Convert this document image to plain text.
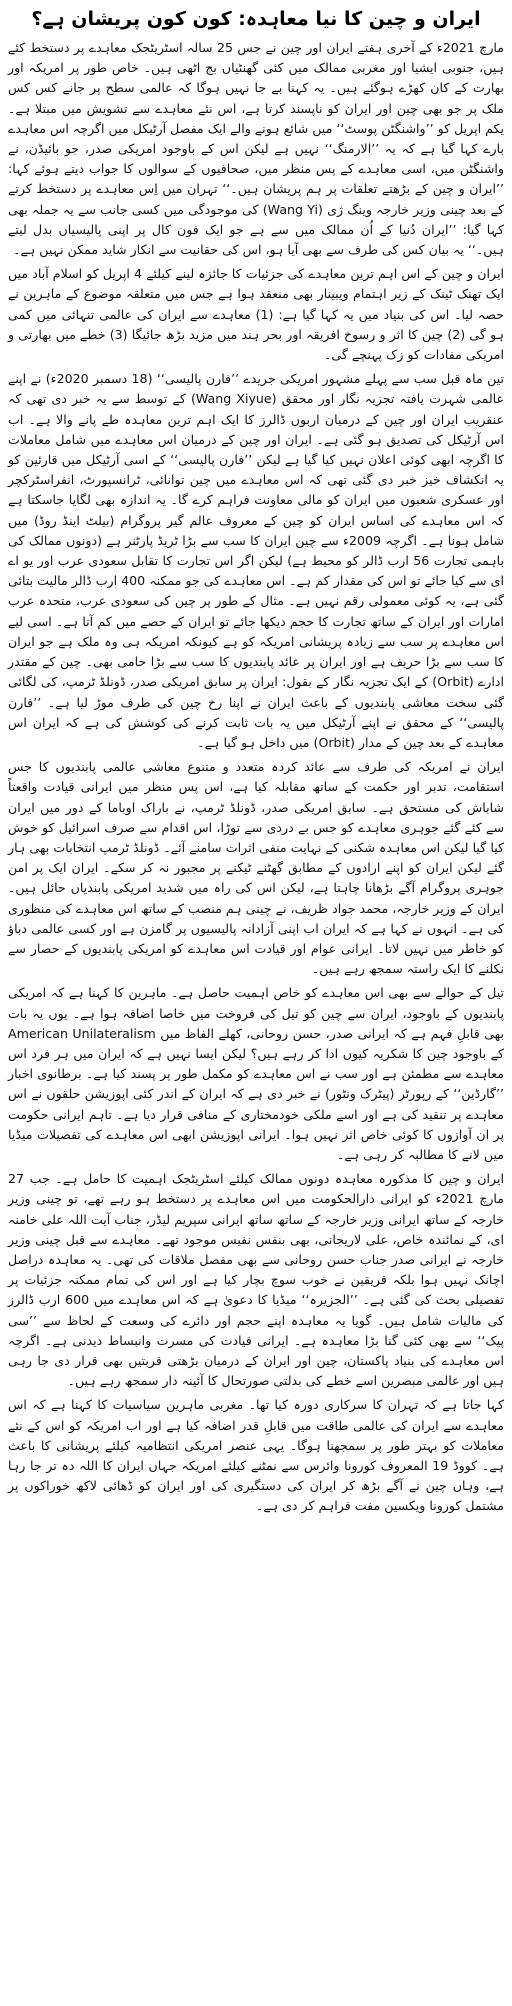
ایران و چین کا نیا معاہدہ: کون کون پریشان ہے؟

مارچ 2021ء کے آخری ہفتے ایران اور چین نے جس 25 سالہ اسٹریٹجک معاہدے پر دستخط کئے ہیں، جنوبی ایشیا اور مغربی ممالک میں کئی گھنٹیاں بج اٹھی ہیں۔ خاص طور پر امریکہ اور بھارت کے کان کھڑے ہوگئے ہیں۔ یہ کہنا بے جا نہیں ہوگا کہ عالمی سطح پر جانے کس کس ملک پر جو بھی چین اور ایران کو ناپسند کرتا ہے، اس نئے معاہدے سے تشویش میں مبتلا ہے۔ یکم اپریل کو ’’واشنگٹن پوسٹ‘‘ میں شائع ہونے والے ایک مفصل آرٹیکل میں اگرچہ اس معاہدے بارے کہا گیا ہے کہ یہ ’’الارمنگ‘‘ نہیں ہے لیکن اس کے باوجود امریکی صدر، جو بائیڈن، نے واشنگٹن میں، اسی معاہدے کے پس منظر میں، صحافیوں کے سوالوں کا جواب دیتے ہوئے کہا: ’’ایران و چین کے بڑھتے تعلقات پر ہم پریشان ہیں۔‘‘ تہران میں اِس معاہدے پر دستخط کرتے کے بعد چینی وزیر خارجہ وینگ ژی (Wang Yi) کی موجودگی میں کسی جانب سے یہ جملہ بھی کہا گیا: ’’ایران دُنیا کے اُن ممالک میں سے ہے جو ایک فون کال پر اپنی پالیسیاں بدل لیتے ہیں۔‘‘ یہ بیان کس کی طرف سے بھی آیا ہو، اس کی حقانیت سے انکار شاید ممکن نہیں ہے۔

ایران و چین کے اس اہم ترین معاہدے کی جزئیات کا جائزہ لینے کیلئے 4 اپریل کو اسلام آباد میں ایک تھنک ٹینک کے زیر اہتمام ویبینار بھی منعقد ہوا ہے جس میں متعلقہ موضوع کے ماہرین نے حصہ لیا۔ اس کی بنیاد میں یہ کہا گیا ہے: (1) معاہدے سے ایران کی عالمی تنہائی میں کمی ہو گی (2) چین کا اثر و رسوخ افریقہ اور بحر ہند میں مزید بڑھ جائیگا (3) خطے میں بھارتی و امریکی مفادات کو زک پہنچے گی۔

تین ماہ قبل سب سے پہلے مشہور امریکی جریدے ’’فارن پالیسی‘‘ (18 دسمبر 2020ء) نے اپنے عالمی شہرت یافتہ تجزیہ نگار اور محقق (Wang Xiyue) کے توسط سے یہ خبر دی تھی کہ عنقریب ایران اور چین کے درمیان اربوں ڈالرز کا ایک اہم ترین معاہدہ طے پانے والا ہے۔ اب اس آرٹیکل کی تصدیق ہو گئی ہے۔ ایران اور چین کے درمیان اس معاہدے میں شامل معاملات کا اگرچہ ابھی کوئی اعلان نہیں کیا گیا ہے لیکن ’’فارن پالیسی‘‘ کے اسی آرٹیکل میں قارئین کو یہ انکشاف خیز خبر دی گئی تھی کہ اس معاہدے میں چین توانائی، ٹرانسپورٹ، انفراسٹرکچر اور عسکری شعبوں میں ایران کو مالی معاونت فراہم کرے گا۔ یہ اندازہ بھی لگایا جاسکتا ہے کہ اس معاہدے کی اساس ایران کو چین کے معروف عالم گیر پروگرام (بیلٹ اینڈ روڈ) میں شامل ہونا ہے۔ اگرچہ 2009ء سے چین ایران کا سب سے بڑا ٹریڈ پارٹنر ہے (دونوں ممالک کی باہمی تجارت 56 ارب ڈالر کو محیط ہے) لیکن اگر اس تجارت کا تقابل سعودی عرب اور یو اے ای سے کیا جائے تو اس کی مقدار کم ہے۔ اس معاہدے کی جو ممکنہ 400 ارب ڈالر مالیت بتائی گئی ہے، یہ کوئی معمولی رقم نہیں ہے۔ مثال کے طور پر چین کی سعودی عرب، متحدہ عرب امارات اور ایران کے ساتھ تجارت کا حجم دیکھا جائے تو ایران کے حصے میں کم آتا ہے۔ اسی لیے اس معاہدے پر سب سے زیادہ پریشانی امریکہ کو ہے کیونکہ امریکہ ہی وہ ملک ہے جو ایران کا سب سے بڑا حریف ہے اور ایران پر عائد پابندیوں کا سب سے بڑا حامی بھی۔ چین کے مقتدر ادارے (Orbit) کے ایک تجزیہ نگار کے بقول: ایران پر سابق امریکی صدر، ڈونلڈ ٹرمپ، کی لگائی گئی سخت معاشی پابندیوں کے باعث ایران نے اپنا رخ چین کی طرف موڑ لیا ہے۔ ’’فارن پالیسی‘‘ کے محقق نے اپنے آرٹیکل میں یہ بات ثابت کرنے کی کوشش کی ہے کہ ایران اس معاہدے کے بعد چین کے مدار (Orbit) میں داخل ہو گیا ہے۔

ایران نے امریکہ کی طرف سے عائد کردہ متعدد و متنوع معاشی عالمی پابندیوں کا جس استقامت، تدبر اور حکمت کے ساتھ مقابلہ کیا ہے، اس پس منظر میں ایرانی قیادت واقعتاً شاباش کی مستحق ہے۔ سابق امریکی صدر، ڈونلڈ ٹرمپ، نے باراک اوباما کے دور میں ایران سے کئے گئے جوہری معاہدے کو جس بے دردی سے توڑا، اس اقدام سے صرف اسرائیل کو خوش کیا گیا لیکن اس معاہدہ شکنی کے نہایت منفی اثرات سامنے آئے۔ ڈونلڈ ٹرمپ انتخابات بھی ہار گئے لیکن ایران کو اپنے ارادوں کے مطابق گھٹنے ٹیکنے پر مجبور نہ کر سکے۔ ایران ایک پر امن جوہری پروگرام آگے بڑھانا چاہتا ہے، لیکن اس کی راہ میں شدید امریکی پابندیاں حائل ہیں۔ ایران کے وزیر خارجہ، محمد جواد ظریف، نے چینی ہم منصب کے ساتھ اس معاہدے کی منظوری کی ہے۔ انہوں نے کہا ہے کہ ایران اب اپنی آزادانہ پالیسیوں پر گامزن ہے اور کسی عالمی دباؤ کو خاطر میں نہیں لاتا۔ ایرانی عوام اور قیادت اس معاہدے کو امریکی پابندیوں کے حصار سے نکلنے کا ایک راستہ سمجھ رہے ہیں۔

تیل کے حوالے سے بھی اس معاہدے کو خاص اہمیت حاصل ہے۔ ماہرین کا کہنا ہے کہ امریکی پابندیوں کے باوجود، ایران سے چین کو تیل کی فروخت میں خاصا اضافہ ہوا ہے۔ یوں یہ بات بھی قابلِ فہم ہے کہ ایرانی صدر، حسن روحانی، کھلے الفاظ میں American Unilateralism کے باوجود چین کا شکریہ کیوں ادا کر رہے ہیں؟ لیکن ایسا نہیں ہے کہ ایران میں ہر فرد اس معاہدے سے مطمئن ہے اور سب نے اس معاہدے کو مکمل طور پر پسند کیا ہے۔ برطانوی اخبار ’’گارڈین‘‘ کے رپورٹر (پیٹرک ونٹور) نے خبر دی ہے کہ ایران کے اندر کئی اپوزیشن حلقوں نے اس معاہدے پر تنقید کی ہے اور اسے ملکی خودمختاری کے منافی قرار دیا ہے۔ تاہم ایرانی حکومت پر ان آوازوں کا کوئی خاص اثر نہیں ہوا۔ ایرانی اپوزیشن ابھی اس معاہدے کی تفصیلات میڈیا میں لانے کا مطالبہ کر رہی ہے۔

ایران و چین کا مذکورہ معاہدہ دونوں ممالک کیلئے اسٹریٹجک اہمیت کا حامل ہے۔ جب 27 مارچ 2021ء کو ایرانی دارالحکومت میں اس معاہدے پر دستخط ہو رہے تھے، تو چینی وزیر خارجہ کے ساتھ ایرانی وزیر خارجہ کے ساتھ ساتھ ایرانی سپریم لیڈر، جناب آیت اللہ علی خامنہ ای، کے نمائندہ خاص، علی لاریجانی، بھی بنفس نفیس موجود تھے۔ معاہدے سے قبل چینی وزیر خارجہ نے ایرانی صدر جناب حسن روحانی سے بھی مفصل ملاقات کی تھی۔ یہ معاہدہ دراصل اچانک نہیں ہوا بلکہ فریقین نے خوب سوچ بچار کیا ہے اور اس کی تمام ممکنہ جزئیات پر تفصیلی بحث کی گئی ہے۔ ’’الجزیرہ‘‘ میڈیا کا دعویٰ ہے کہ اس معاہدے میں 600 ارب ڈالرز کی مالیات شامل ہیں۔ گویا یہ معاہدہ اپنے حجم اور دائرے کی وسعت کے لحاظ سے ’’سی پیک‘‘ سے بھی کئی گنا بڑا معاہدہ ہے۔ ایرانی قیادت کی مسرت وانبساط دیدنی ہے۔ اگرچہ اس معاہدے کی بنیاد پاکستان، چین اور ایران کے درمیان بڑھتی قربتیں بھی قرار دی جا رہی ہیں اور عالمی مبصرین اسے خطے کی بدلتی صورتحال کا آئینہ دار سمجھ رہے ہیں۔

کہا جاتا ہے کہ تہران کا سرکاری دورہ کیا تھا۔ مغربی ماہرین سیاسیات کا کہنا ہے کہ اس معاہدے سے ایران کی عالمی طاقت میں قابلِ قدر اضافہ کیا ہے اور اب امریکہ کو اس کے نئے معاملات کو بہتر طور پر سمجھنا ہوگا۔ یہی عنصر امریکی انتظامیہ کیلئے پریشانی کا باعث ہے۔ کووڈ 19 المعروف کورونا وائرس سے نمٹنے کیلئے امریکہ جہاں ایران کا اللہ دہ تر جا رہا ہے، وہاں چین نے آگے بڑھ کر ایران کی دستگیری کی اور ایران کو ڈھائی لاکھ خوراکوں پر مشتمل کورونا ویکسین مفت فراہم کر دی ہے۔
